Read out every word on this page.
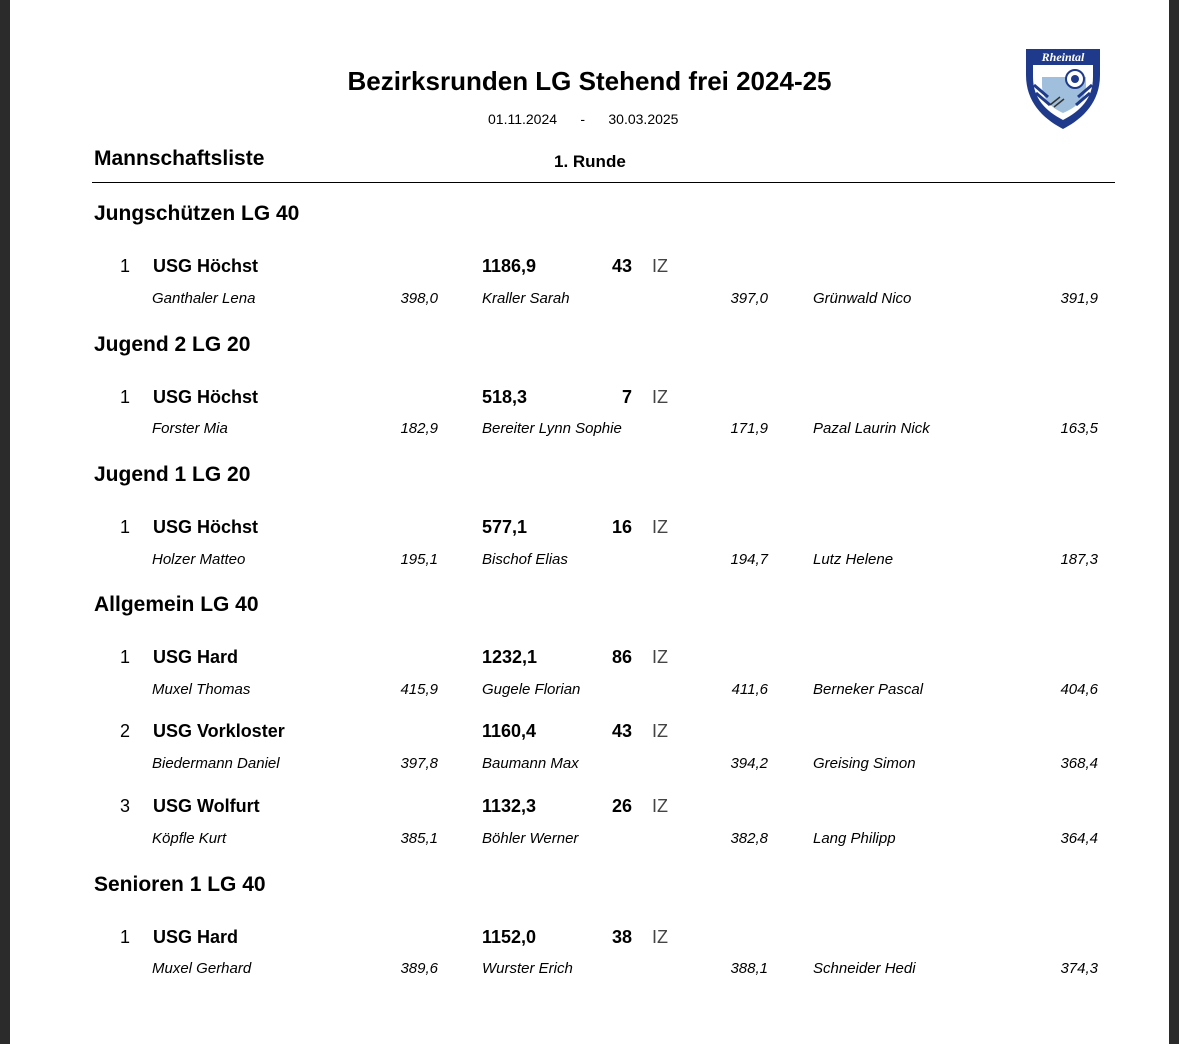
Bezirksrunden LG Stehend frei 2024-25
01.11.2024 - 30.03.2025
Rheintal
Mannschaftsliste	1. Runde
Jungschützen LG 40
1 USG Höchst	1186,9	43 IZ
Ganthaler Lena	398,0	Kraller Sarah	397,0	Grünwald Nico	391,9
Jugend 2 LG 20
1 USG Höchst	518,3	7 IZ
Forster Mia	182,9	Bereiter Lynn Sophie	171,9	Pazal Laurin Nick	163,5
Jugend 1 LG 20
1 USG Höchst	577,1	16 IZ
Holzer Matteo	195,1	Bischof Elias	194,7	Lutz Helene	187,3
Allgemein LG 40
1 USG Hard	1232,1	86 IZ
Muxel Thomas	415,9	Gugele Florian	411,6	Berneker Pascal	404,6
2 USG Vorkloster	1160,4	43 IZ
Biedermann Daniel	397,8	Baumann Max	394,2	Greising Simon	368,4
3 USG Wolfurt	1132,3	26 IZ
Köpfle Kurt	385,1	Böhler Werner	382,8	Lang Philipp	364,4
Senioren 1 LG 40
1 USG Hard	1152,0	38 IZ
Muxel Gerhard	389,6	Wurster Erich	388,1	Schneider Hedi	374,3
